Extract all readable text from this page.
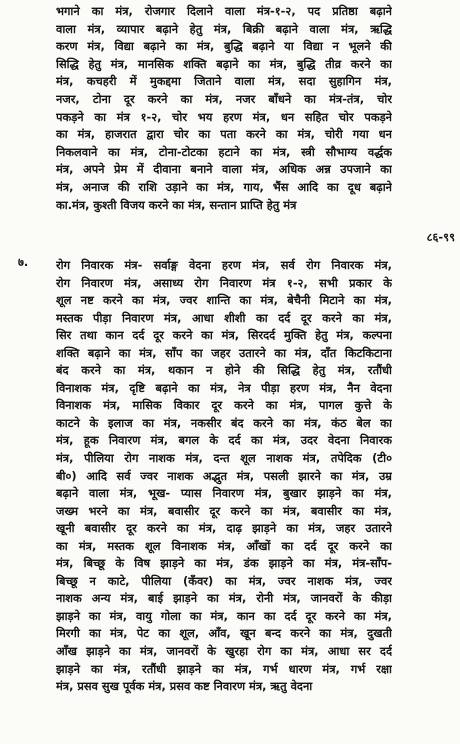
भगाने का मंत्र, रोजगार दिलाने वाला मंत्र-१-२, पद प्रतिष्ठा बढ़ाने
वाला मंत्र, व्यापार बढ़ाने हेतु मंत्र, बिक्री बढ़ाने वाला मंत्र, ऋद्धि
करण मंत्र, विद्या बढ़ाने का मंत्र, बुद्धि बढ़ाने या विद्या न भूलने की
सिद्धि हेतु मंत्र, मानसिक शक्ति बढ़ाने का मंत्र, बुद्धि तीव्र करने का
मंत्र, कचहरी में मुकद्दमा जिताने वाला मंत्र, सदा सुहागिन मंत्र,
नजर, टोना दूर करने का मंत्र, नजर बाँधने का मंत्र-तंत्र, चोर
पकड़ने का मंत्र १-२, चोर भय हरण मंत्र, धन सहित चोर पकड़ने
का मंत्र, हाजरात द्वारा चोर का पता करने का मंत्र, चोरी गया धन
निकलवाने का मंत्र, टोना-टोटका हटाने का मंत्र, स्त्री सौभाग्य वर्द्धक
मंत्र, अपने प्रेम में दीवाना बनाने वाला मंत्र, अधिक अन्न उपजाने का
मंत्र, अनाज की राशि उड़ाने का मंत्र, गाय, भैंस आदि का दूध बढ़ाने
का.मंत्र, कुश्ती विजय करने का मंत्र, सन्तान प्राप्ति हेतु मंत्र
८६-९९
७. रोग निवारक मंत्र- सर्वाङ्ग वेदना हरण मंत्र, सर्व रोग निवारक मंत्र,
रोग निवारण मंत्र, असाध्य रोग निवारण मंत्र १-२, सभी प्रकार के
शूल नष्ट करने का मंत्र, ज्वर शान्ति का मंत्र, बेचैनी मिटाने का मंत्र,
मस्तक पीड़ा निवारण मंत्र, आधा शीशी का दर्द दूर करने का मंत्र,
सिर तथा कान दर्द दूर करने का मंत्र, सिरदर्द मुक्ति हेतु मंत्र, कल्पना
शक्ति बढ़ाने का मंत्र, साँप का जहर उतारने का मंत्र, दाँत किटकिटाना
बंद करने का मंत्र, थकान न होने की सिद्धि हेतु मंत्र, रतौंधी
विनाशक मंत्र, दृष्टि बढ़ाने का मंत्र, नेत्र पीड़ा हरण मंत्र, नैन वेदना
विनाशक मंत्र, मासिक विकार दूर करने का मंत्र, पागल कुत्ते के
काटने के इलाज का मंत्र, नकसीर बंद करने का मंत्र, कंठ बेल का
मंत्र, हूक निवारण मंत्र, बगल के दर्द का मंत्र, उदर वेदना निवारक
मंत्र, पीलिया रोग नाशक मंत्र, दन्त शूल नाशक मंत्र, तपेदिक (टी०
बी०) आदि सर्व ज्वर नाशक अद्भुत मंत्र, पसली झारने का मंत्र, उम्र
बढ़ाने वाला मंत्र, भूख- प्यास निवारण मंत्र, बुखार झाड़ने का मंत्र,
जख्म भरने का मंत्र, बवासीर दूर करने का मंत्र, बवासीर का मंत्र,
खूनी बवासीर दूर करने का मंत्र, दाढ़ झाड़ने का मंत्र, जहर उतारने
का मंत्र, मस्तक शूल विनाशक मंत्र, आँखों का दर्द दूर करने का
मंत्र, बिच्छू के विष झाड़ने का मंत्र, डंक झाड़ने का मंत्र, मंत्र-साँप-
बिच्छू न काटे, पीलिया (कँवर) का मंत्र, ज्वर नाशक मंत्र, ज्वर
नाशक अन्य मंत्र, बाई झाड़ने का मंत्र, रोनी मंत्र, जानवरों के कीड़ा
झाड़ने का मंत्र, वायु गोला का मंत्र, कान का दर्द दूर करने का मंत्र,
मिरगी का मंत्र, पेट का शूल, आँव, खून बन्द करने का मंत्र, दुखती
आँख झाड़ने का मंत्र, जानवरों के खुरहा रोग का मंत्र, आधा सर दर्द
झाड़ने का मंत्र, रतौंधी झाड़ने का मंत्र, गर्भ धारण मंत्र, गर्भ रक्षा
मंत्र, प्रसव सुख पूर्वक मंत्र, प्रसव कष्ट निवारण मंत्र, ऋतु वेदना
